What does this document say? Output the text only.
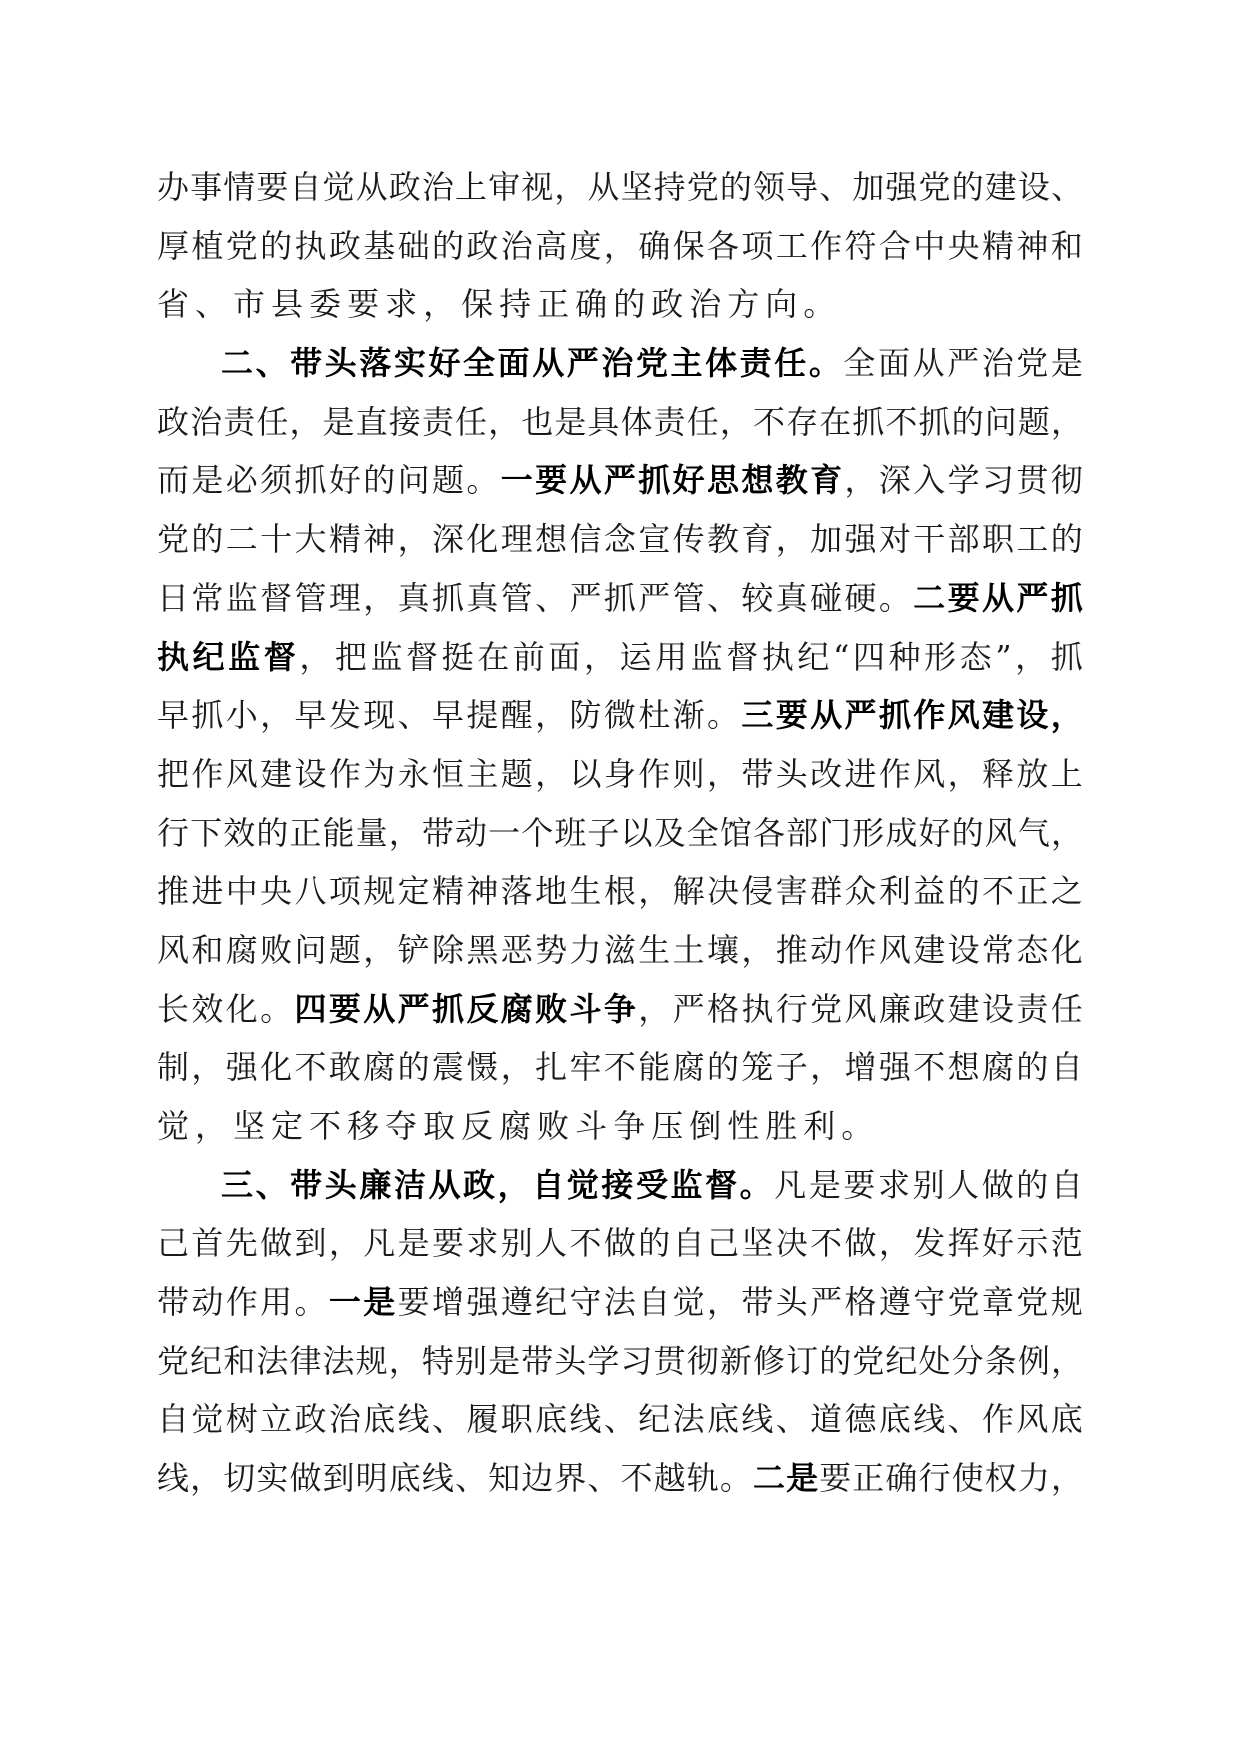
办 事 情 要 自 觉 从 政 治 上 审 视 ， 从 坚 持 党 的 领 导 、 加 强 党 的 建 设 、
厚 植 党 的 执 政 基 础 的 政 治 高 度 ， 确 保 各 项 工 作 符 合 中 央 精 神 和
省 、 市 县 委 要 求 ， 保 持 正 确 的 政 治 方 向 。
二 、 带 头 落 实 好 全 面 从 严 治 党 主 体 责 任 。 全 面 从 严 治 党 是
政 治 责 任 ， 是 直 接 责 任 ， 也 是 具 体 责 任 ， 不 存 在 抓 不 抓 的 问 题 ，
而 是 必 须 抓 好 的 问 题 。 一 要 从 严 抓 好 思 想 教 育 ， 深 入 学 习 贯 彻
党 的 二 十 大 精 神 ， 深 化 理 想 信 念 宣 传 教 育 ， 加 强 对 干 部 职 工 的
日 常 监 督 管 理 ， 真 抓 真 管 、 严 抓 严 管 、 较 真 碰 硬 。 二 要 从 严 抓
执 纪 监 督 ， 把 监 督 挺 在 前 面 ， 运 用 监 督 执 纪 “ 四 种 形 态 ” ， 抓
早 抓 小 ， 早 发 现 、 早 提 醒 ， 防 微 杜 渐 。 三 要 从 严 抓 作 风 建 设 ，
把 作 风 建 设 作 为 永 恒 主 题 ， 以 身 作 则 ， 带 头 改 进 作 风 ， 释 放 上
行 下 效 的 正 能 量 ， 带 动 一 个 班 子 以 及 全 馆 各 部 门 形 成 好 的 风 气 ，
推 进 中 央 八 项 规 定 精 神 落 地 生 根 ， 解 决 侵 害 群 众 利 益 的 不 正 之
风 和 腐 败 问 题 ， 铲 除 黑 恶 势 力 滋 生 土 壤 ， 推 动 作 风 建 设 常 态 化
长 效 化 。 四 要 从 严 抓 反 腐 败 斗 争 ， 严 格 执 行 党 风 廉 政 建 设 责 任
制 ， 强 化 不 敢 腐 的 震 慑 ， 扎 牢 不 能 腐 的 笼 子 ， 增 强 不 想 腐 的 自
觉 ， 坚 定 不 移 夺 取 反 腐 败 斗 争 压 倒 性 胜 利 。
三 、 带 头 廉 洁 从 政 ， 自 觉 接 受 监 督 。 凡 是 要 求 别 人 做 的 自
己 首 先 做 到 ， 凡 是 要 求 别 人 不 做 的 自 己 坚 决 不 做 ， 发 挥 好 示 范
带 动 作 用 。 一 是 要 增 强 遵 纪 守 法 自 觉 ， 带 头 严 格 遵 守 党 章 党 规
党 纪 和 法 律 法 规 ， 特 别 是 带 头 学 习 贯 彻 新 修 订 的 党 纪 处 分 条 例 ，
自 觉 树 立 政 治 底 线 、 履 职 底 线 、 纪 法 底 线 、 道 德 底 线 、 作 风 底
线 ， 切 实 做 到 明 底 线 、 知 边 界 、 不 越 轨 。 二 是 要 正 确 行 使 权 力 ，
